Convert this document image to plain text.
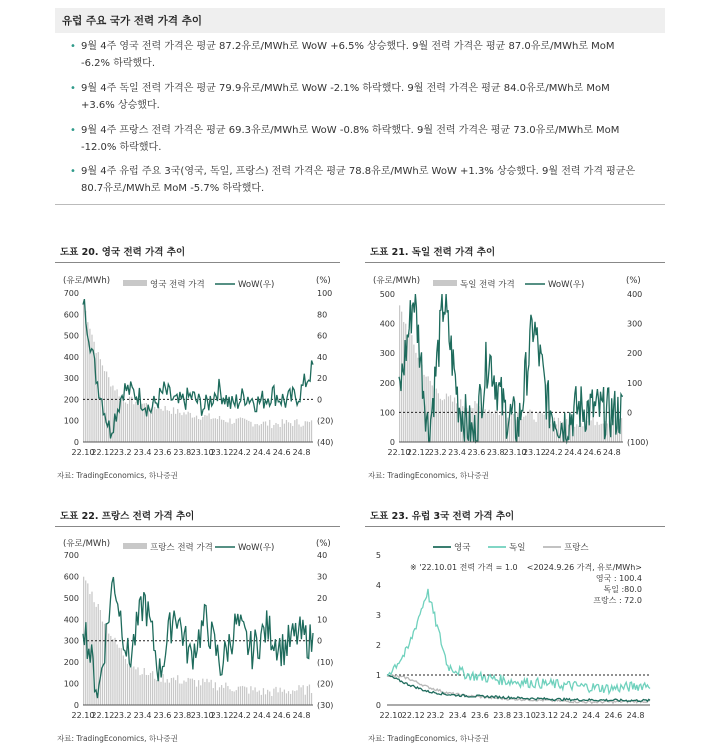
유럽 주요 국가 전력 가격 추이
• 9월 4주 영국 전력 가격은 평균 87.2유로/MWh로 WoW +6.5% 상승했다. 9월 전력 가격은 평균 87.0유로/MWh로 MoM -6.2% 하락했다.
• 9월 4주 독일 전력 가격은 평균 79.9유로/MWh로 WoW -2.1% 하락했다. 9월 전력 가격은 평균 84.0유로/MWh로 MoM +3.6% 상승했다.
• 9월 4주 프랑스 전력 가격은 평균 69.3유로/MWh로 WoW -0.8% 하락했다. 9월 전력 가격은 평균 73.0유로/MWh로 MoM -12.0% 하락했다.
• 9월 4주 유럽 주요 3국(영국, 독일, 프랑스) 전력 가격은 평균 78.8유로/MWh로 WoW +1.3% 상승했다. 9월 전력 가격 평균은 80.7유로/MWh로 MoM -5.7% 하락했다.
도표 20. 영국 전력 가격 추이	도표 21. 독일 전력 가격 추이
도표 22. 프랑스 전력 가격 추이	도표 23. 유럽 3국 전력 가격 추이
자료: TradingEconomics, 하나증권	자료: TradingEconomics, 하나증권
자료: TradingEconomics, 하나증권	자료: TradingEconomics, 하나증권
(유로/MWh)	(%)
영국 전력 가격	WoW(우)
700
600
500
400
300
200
100
0
100
80
60
40
20
0
(20)
(40)
22.10
22.12 23.2 23.4 23.6 23.8 23.10
23.12 24.2 24.4 24.6 24.8
(유로/MWh)	(%)
독일 전력 가격	WoW(우)
500
400
300
200
100
0
400
300
200
100
0
(100)
22.10
22.12
23.2 23.4 23.6 23.8
23.10
23.12
24.2 24.4 24.6 24.8
(유로/MWh)	(%)
프랑스 전력 가격	WoW(우)
700
600
500
400
300
200
100
0
40
30
20
10
0
(10)
(20)
(30)
22.10
22.12 23.2 23.4 23.6 23.8 23.10
23.12 24.2 24.4 24.6 24.8
영국	독일	프랑스
5
4
3
2
1
0
※ '22.10.01 전력 가격 = 1.0 <2024.9.26 가격, 유로/MWh>
영국 : 100.4
독일 :80.0
프랑스 : 72.0
22.10 22.12 23.2 23.4 23.6 23.8 23.10 23.12 24.2 24.4 24.6 24.8
